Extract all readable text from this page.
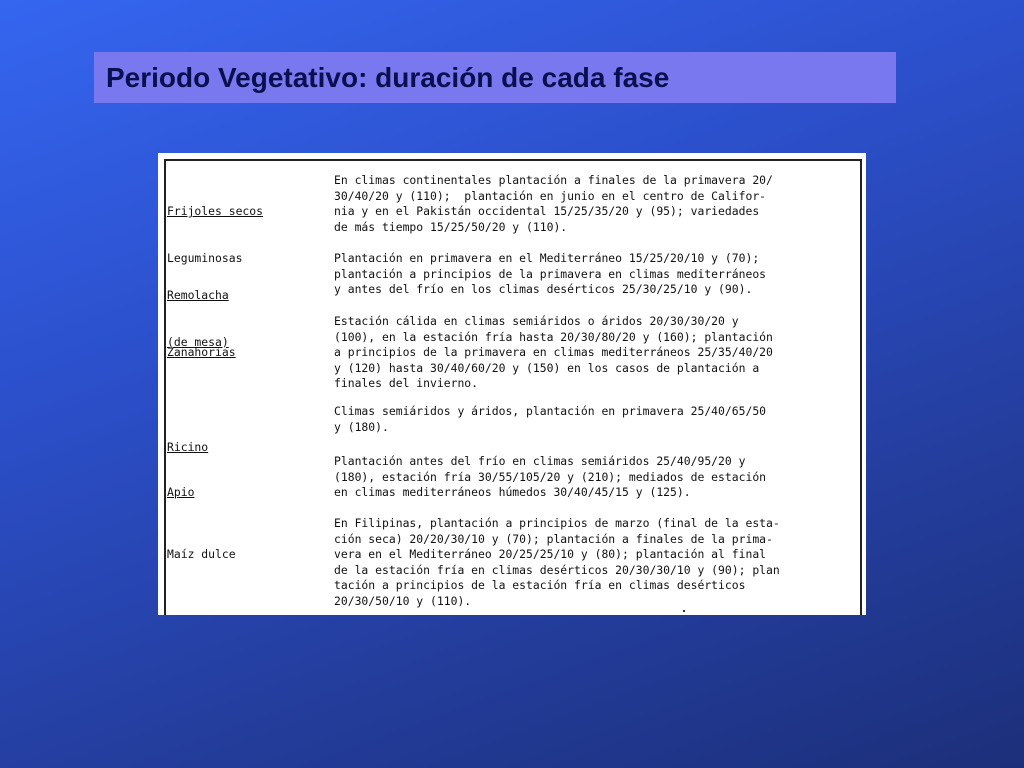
Periodo Vegetativo: duración de cada fase

Frijoles secos

Leguminosas

En climas continentales plantación a finales de la primavera 20/
30/40/20 y (110);  plantación en junio en el centro de Califor-
nia y en el Pakistán occidental 15/25/35/20 y (95); variedades
de más tiempo 15/25/50/20 y (110).

Remolacha

(de mesa)

Plantación en primavera en el Mediterráneo 15/25/20/10 y (70);
plantación a principios de la primavera en climas mediterráneos
y antes del frío en los climas desérticos 25/30/25/10 y (90).

Zanahorias

Estación cálida en climas semiáridos o áridos 20/30/30/20 y
(100), en la estación fría hasta 20/30/80/20 y (160); plantación
a principios de la primavera en climas mediterráneos 25/35/40/20
y (120) hasta 30/40/60/20 y (150) en los casos de plantación a
finales del invierno.

Ricino

Climas semiáridos y áridos, plantación en primavera 25/40/65/50
y (180).

Apio

Plantación antes del frío en climas semiáridos 25/40/95/20 y
(180), estación fría 30/55/105/20 y (210); mediados de estación
en climas mediterráneos húmedos 30/40/45/15 y (125).

Maíz dulce

En Filipinas, plantación a principios de marzo (final de la esta-
ción seca) 20/20/30/10 y (70); plantación a finales de la prima-
vera en el Mediterráneo 20/25/25/10 y (80); plantación al final
de la estación fría en climas desérticos 20/30/30/10 y (90); plan
tación a principios de la estación fría en climas desérticos
20/30/50/10 y (110).
